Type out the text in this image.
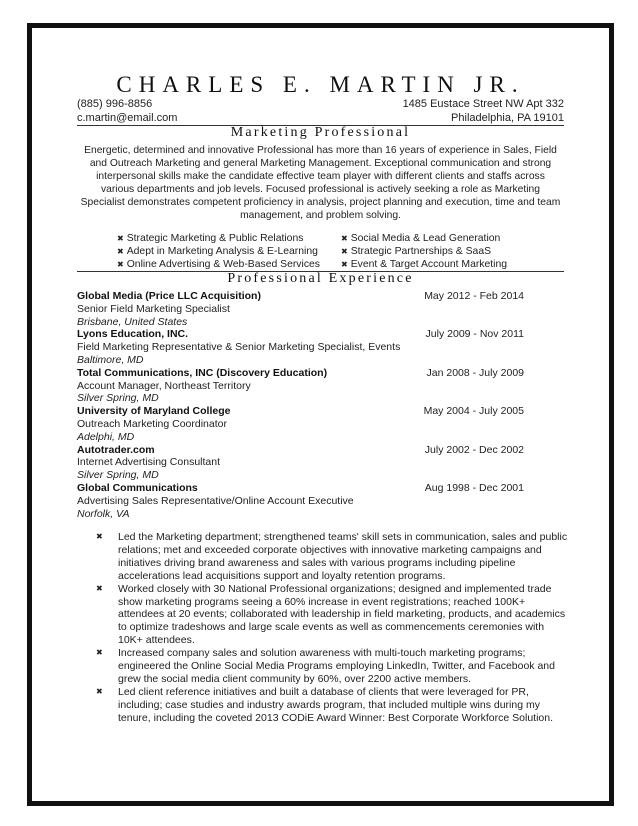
CHARLES E. MARTIN JR.
(885) 996-8856	1485 Eustace Street NW Apt 332
c.martin@email.com	Philadelphia, PA 19101
Marketing Professional
Energetic, determined and innovative Professional has more than 16 years of experience in Sales, Field and Outreach Marketing and general Marketing Management. Exceptional communication and strong interpersonal skills make the candidate effective team player with different clients and staffs across various departments and job levels. Focused professional is actively seeking a role as Marketing Specialist demonstrates competent proficiency in analysis, project planning and execution, time and team management, and problem solving.
✖ Strategic Marketing & Public Relations
✖ Adept in Marketing Analysis & E-Learning
✖ Online Advertising & Web-Based Services
✖ Social Media & Lead Generation
✖ Strategic Partnerships & SaaS
✖ Event & Target Account Marketing
Professional Experience
Global Media (Price LLC Acquisition)	May 2012 - Feb 2014
Senior Field Marketing Specialist
Brisbane, United States
Lyons Education, INC.	July 2009 - Nov 2011
Field Marketing Representative & Senior Marketing Specialist, Events
Baltimore, MD
Total Communications, INC (Discovery Education)	Jan 2008 - July 2009
Account Manager, Northeast Territory
Silver Spring, MD
University of Maryland College	May 2004 - July 2005
Outreach Marketing Coordinator
Adelphi, MD
Autotrader.com	July 2002 - Dec 2002
Internet Advertising Consultant
Silver Spring, MD
Global Communications	Aug 1998 - Dec 2001
Advertising Sales Representative/Online Account Executive
Norfolk, VA
✖ Led the Marketing department; strengthened teams' skill sets in communication, sales and public relations; met and exceeded corporate objectives with innovative marketing campaigns and initiatives driving brand awareness and sales with various programs including pipeline accelerations lead acquisitions support and loyalty retention programs.
✖ Worked closely with 30 National Professional organizations; designed and implemented trade show marketing programs seeing a 60% increase in event registrations; reached 100K+ attendees at 20 events; collaborated with leadership in field marketing, products, and academics to optimize tradeshows and large scale events as well as commencements ceremonies with 10K+ attendees.
✖ Increased company sales and solution awareness with multi-touch marketing programs; engineered the Online Social Media Programs employing LinkedIn, Twitter, and Facebook and grew the social media client community by 60%, over 2200 active members.
✖ Led client reference initiatives and built a database of clients that were leveraged for PR, including; case studies and industry awards program, that included multiple wins during my tenure, including the coveted 2013 CODiE Award Winner: Best Corporate Workforce Solution.
